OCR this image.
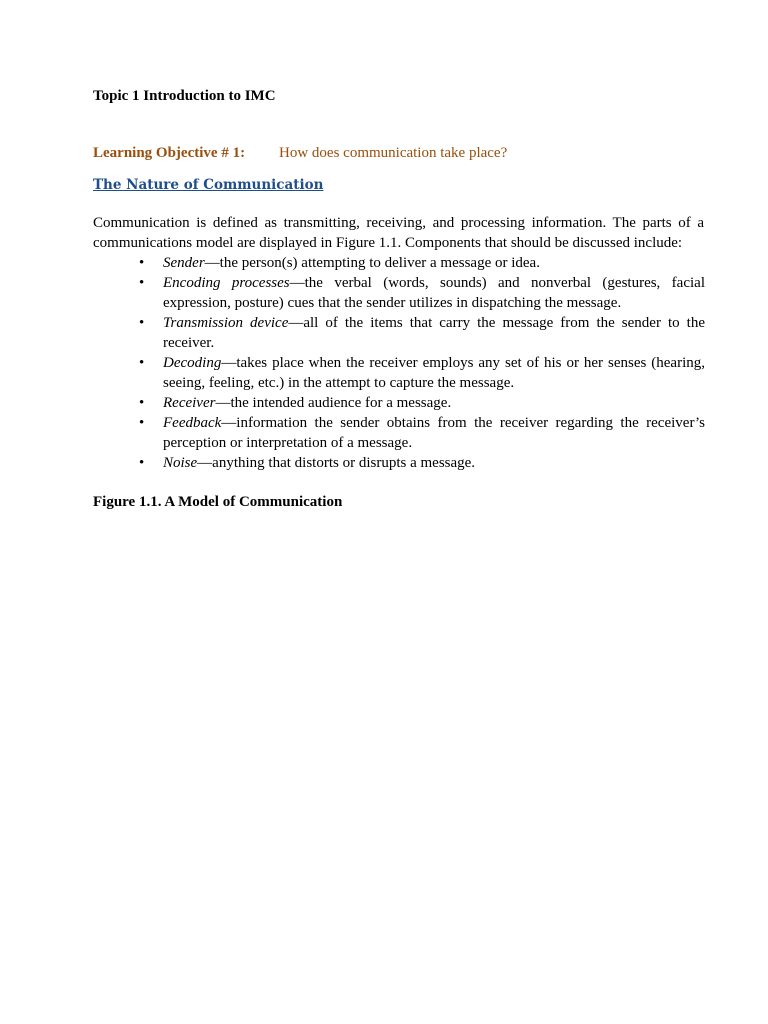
Topic 1 Introduction to IMC
Learning Objective # 1: How does communication take place?
The Nature of Communication

Communication is defined as transmitting, receiving, and processing information. The parts of a communications model are displayed in Figure 1.1. Components that should be discussed include:

• Sender—the person(s) attempting to deliver a message or idea.
• Encoding processes—the verbal (words, sounds) and nonverbal (gestures, facial expression, posture) cues that the sender utilizes in dispatching the message.
• Transmission device—all of the items that carry the message from the sender to the receiver.
• Decoding—takes place when the receiver employs any set of his or her senses (hearing, seeing, feeling, etc.) in the attempt to capture the message.
• Receiver—the intended audience for a message.
• Feedback—information the sender obtains from the receiver regarding the receiver’s perception or interpretation of a message.
• Noise—anything that distorts or disrupts a message.
Figure 1.1. A Model of Communication
